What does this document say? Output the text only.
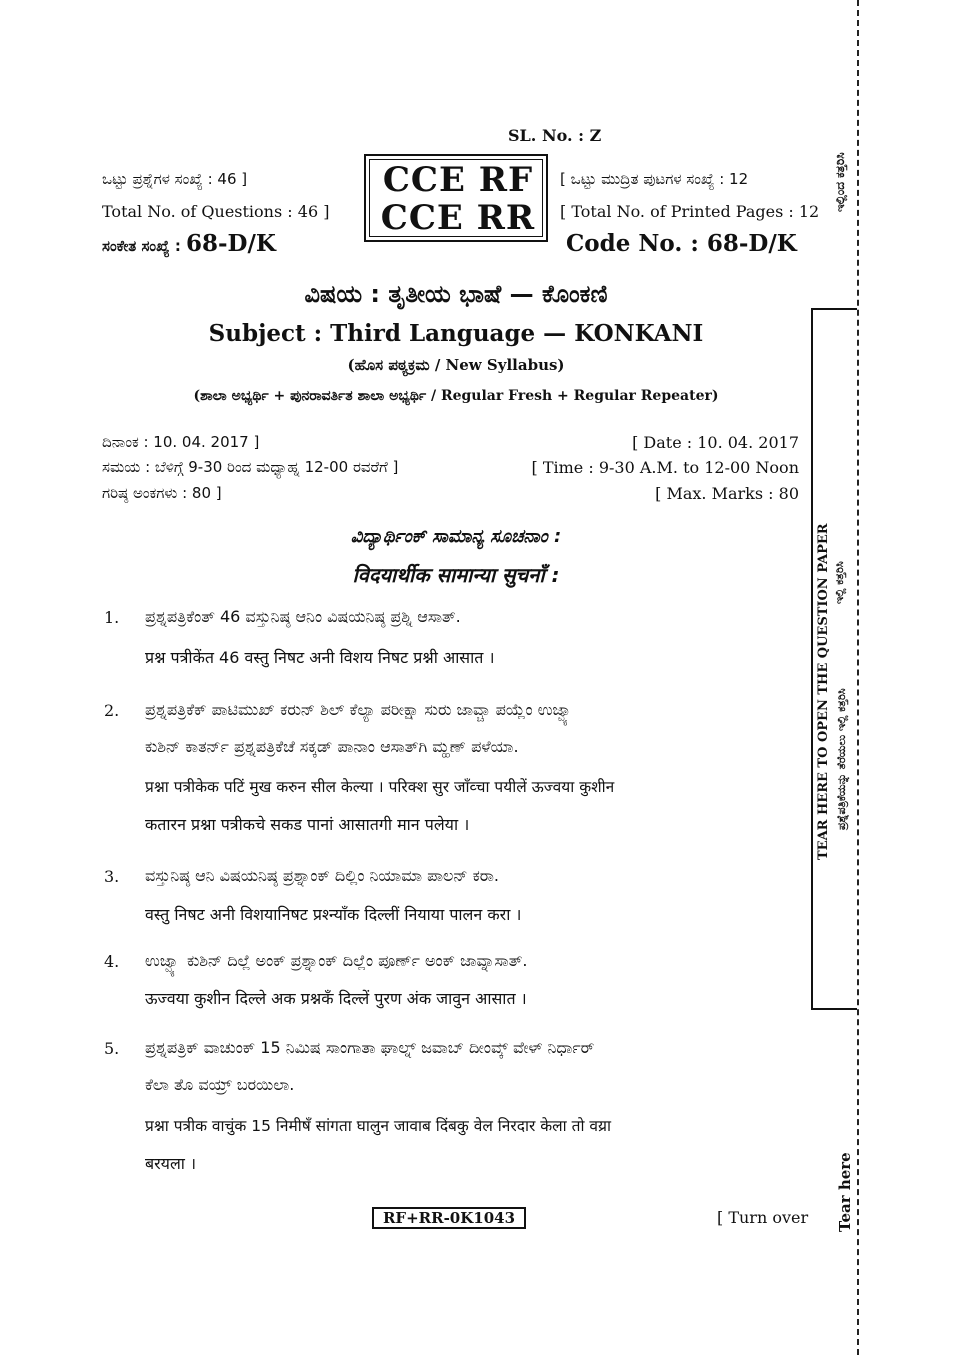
ಇಲ್ಲಿಂದ ಕತ್ತರಿಸಿ
TEAR HERE TO OPEN THE QUESTION PAPER ಇಲ್ಲಿ ಕತ್ತರಿಸಿ
ಪ್ರಶ್ನೆಪತ್ರಿಕೆಯನ್ನು ತೆರೆಯಲು ಇಲ್ಲಿ ಕತ್ತರಿಸಿ
Tear here
SL. No. : Z
ಒಟ್ಟು ಪ್ರಶ್ನೆಗಳ ಸಂಖ್ಯೆ : 46 ]
Total No. of Questions : 46 ]
ಸಂಕೇತ ಸಂಖ್ಯೆ : 68-D/K
CCE RF
CCE RR
[ ಒಟ್ಟು ಮುದ್ರಿತ ಪುಟಗಳ ಸಂಖ್ಯೆ : 12
[ Total No. of Printed Pages : 12
Code No. : 68-D/K
ವಿಷಯ : ತೃತೀಯ ಭಾಷೆ — ಕೊಂಕಣಿ
Subject : Third Language — KONKANI
(ಹೊಸ ಪಠ್ಯಕ್ರಮ / New Syllabus)
(ಶಾಲಾ ಅಭ್ಯರ್ಥಿ + ಪುನರಾವರ್ತಿತ ಶಾಲಾ ಅಭ್ಯರ್ಥಿ / Regular Fresh + Regular Repeater)
ದಿನಾಂಕ : 10. 04. 2017 ]
ಸಮಯ : ಬೆಳಿಗ್ಗೆ 9-30 ರಿಂದ ಮಧ್ಯಾಹ್ನ 12-00 ರವರೆಗೆ ]
ಗರಿಷ್ಠ ಅಂಕಗಳು : 80 ]
[ Date : 10. 04. 2017
[ Time : 9-30 A.M. to 12-00 Noon
[ Max. Marks : 80
ವಿದ್ಯಾರ್ಥಿಂಕ್ ಸಾಮಾನ್ಯ ಸೂಚನಾಂ :
विदयार्थीक सामान्या सुचनाँ :
1. ಪ್ರಶ್ನಪತ್ರಿಕೆಂತ್ 46 ವಸ್ತುನಿಷ್ಠ ಆನಿಂ ವಿಷಯನಿಷ್ಠ ಪ್ರಶ್ನಿ ಆಸಾತ್.
प्रश्न पत्रीकेंत 46 वस्तु निषट अनी विशय निषट प्रश्नी आसात ।
2. ಪ್ರಶ್ನಪತ್ರಿಕೆಕ್ ಪಾಟಿಮುಖ್ ಕರುನ್ ಶಿಲ್ ಕೆಲ್ಯಾ ಪರೀಕ್ಷಾ ಸುರು ಜಾವ್ಚಾ ಪಯ್ಲೆಂ ಉಜ್ವ್ಯಾ
ಕುಶಿನ್ ಕಾತರ್ನ್ ಪ್ರಶ್ನಪತ್ರಿಕೆಚೆ ಸಕ್ಕಡ್ ಪಾನಾಂ ಆಸಾತ್‌ಗಿ ಮ್ಹಣ್ ಪಳೆಯಾ.
प्रश्ना पत्रीकेक पटिं मुख करुन सील केल्या । परिक्श सुर जाँव्चा पयीलें ऊज्वया कुशीन
कतारन प्रश्ना पत्रीकचे सकड पानां आसातगी मान पलेया ।
3. ವಸ್ತುನಿಷ್ಠ ಆನಿ ವಿಷಯನಿಷ್ಠ ಪ್ರಶ್ನಾಂಕ್ ದಿಲ್ಲಿಂ ನಿಯಾಮಾ ಪಾಲನ್ ಕರಾ.
वस्तु निषट अनी विशयानिषट प्रश्न्याँक दिल्लीं नियाया पालन करा ।
4. ಉಜ್ವ್ಯಾ ಕುಶಿನ್ ದಿಲ್ಲೆ ಅಂಕ್ ಪ್ರಶ್ನಾಂಕ್ ದಿಲ್ಲೆಂ ಪೂರ್ಣ್ ಅಂಕ್ ಜಾವ್ನಾಸಾತ್.
ऊज्वया कुशीन दिल्ले अक प्रश्नकँ दिल्लें पुरण अंक जावुन आसात ।
5. ಪ್ರಶ್ನಪತ್ರಿಕ್ ವಾಚುಂಕ್ 15 ನಿಮಿಷ ಸಾಂಗಾತಾ ಘಾಲ್ನ್ ಜವಾಬ್ ದೀಂವ್ಕ್ ವೇಳ್ ನಿರ್ಧಾರ್
ಕೆಲಾ ತೊ ವಯ್ರ್ ಬರಯಿಲಾ.
प्रश्ना पत्रीक वाचुंक 15 निमीषँ सांगता घालुन जावाब दिंबकु वेल निरदार केला तो वय्रा
बरयला ।
RF+RR-0K1043	[ Turn over
